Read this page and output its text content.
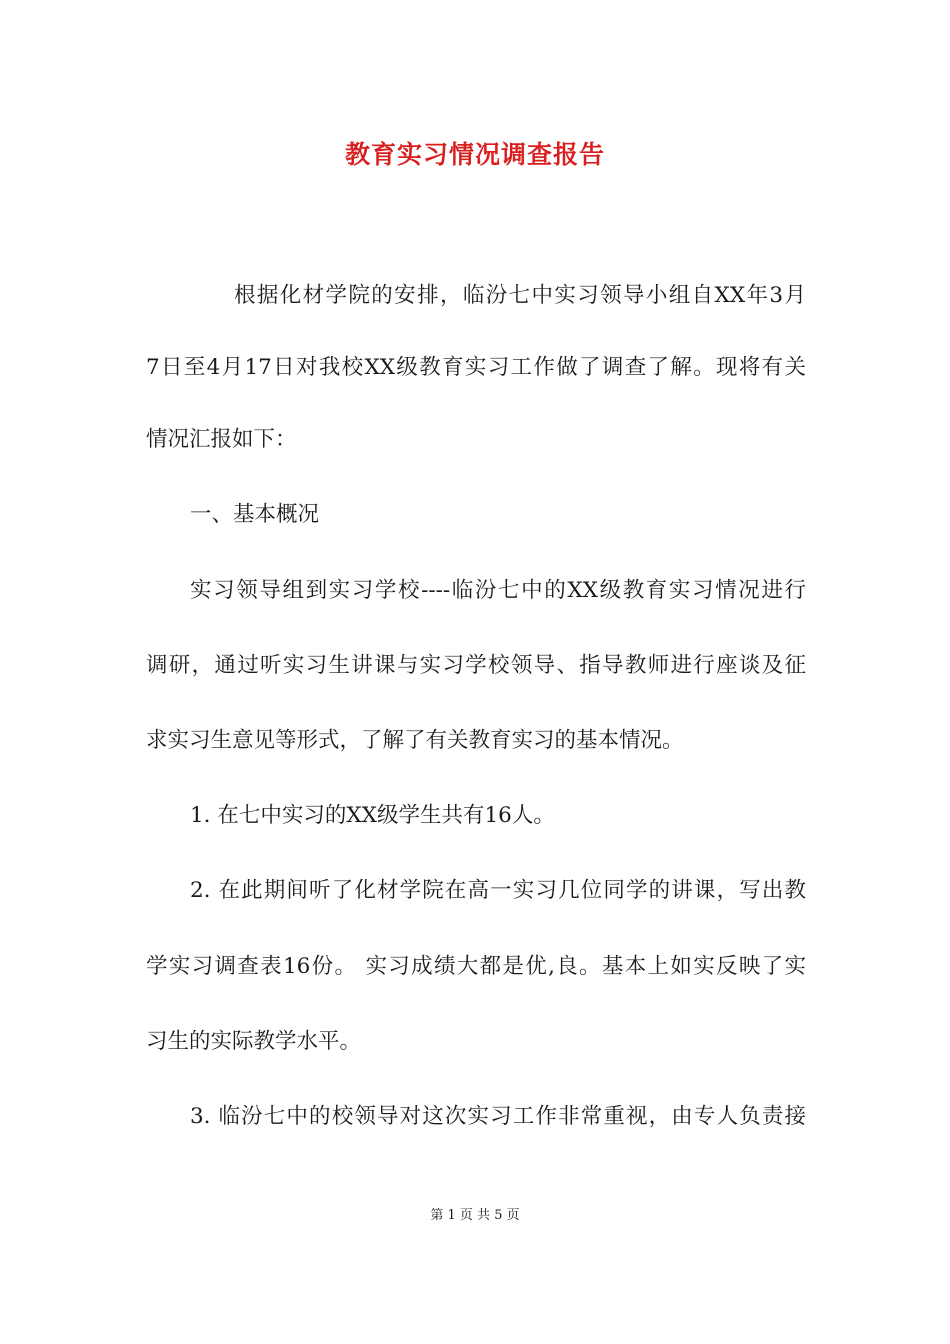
教育实习情况调查报告
根据化材学院的安排，临汾七中实习领导小组自XX年3月
7日至4月17日对我校XX级教育实习工作做了调查了解。现将有关
情况汇报如下：
一、基本概况
实习领导组到实习学校----临汾七中的XX级教育实习情况进行
调研，通过听实习生讲课与实习学校领导、指导教师进行座谈及征
求实习生意见等形式，了解了有关教育实习的基本情况。
1. 在七中实习的XX级学生共有16人。
2. 在此期间听了化材学院在高一实习几位同学的讲课，写出教
学实习调查表16份。 实习成绩大都是优,良。基本上如实反映了实
习生的实际教学水平。
3. 临汾七中的校领导对这次实习工作非常重视，由专人负责接
第 1 页 共 5 页
